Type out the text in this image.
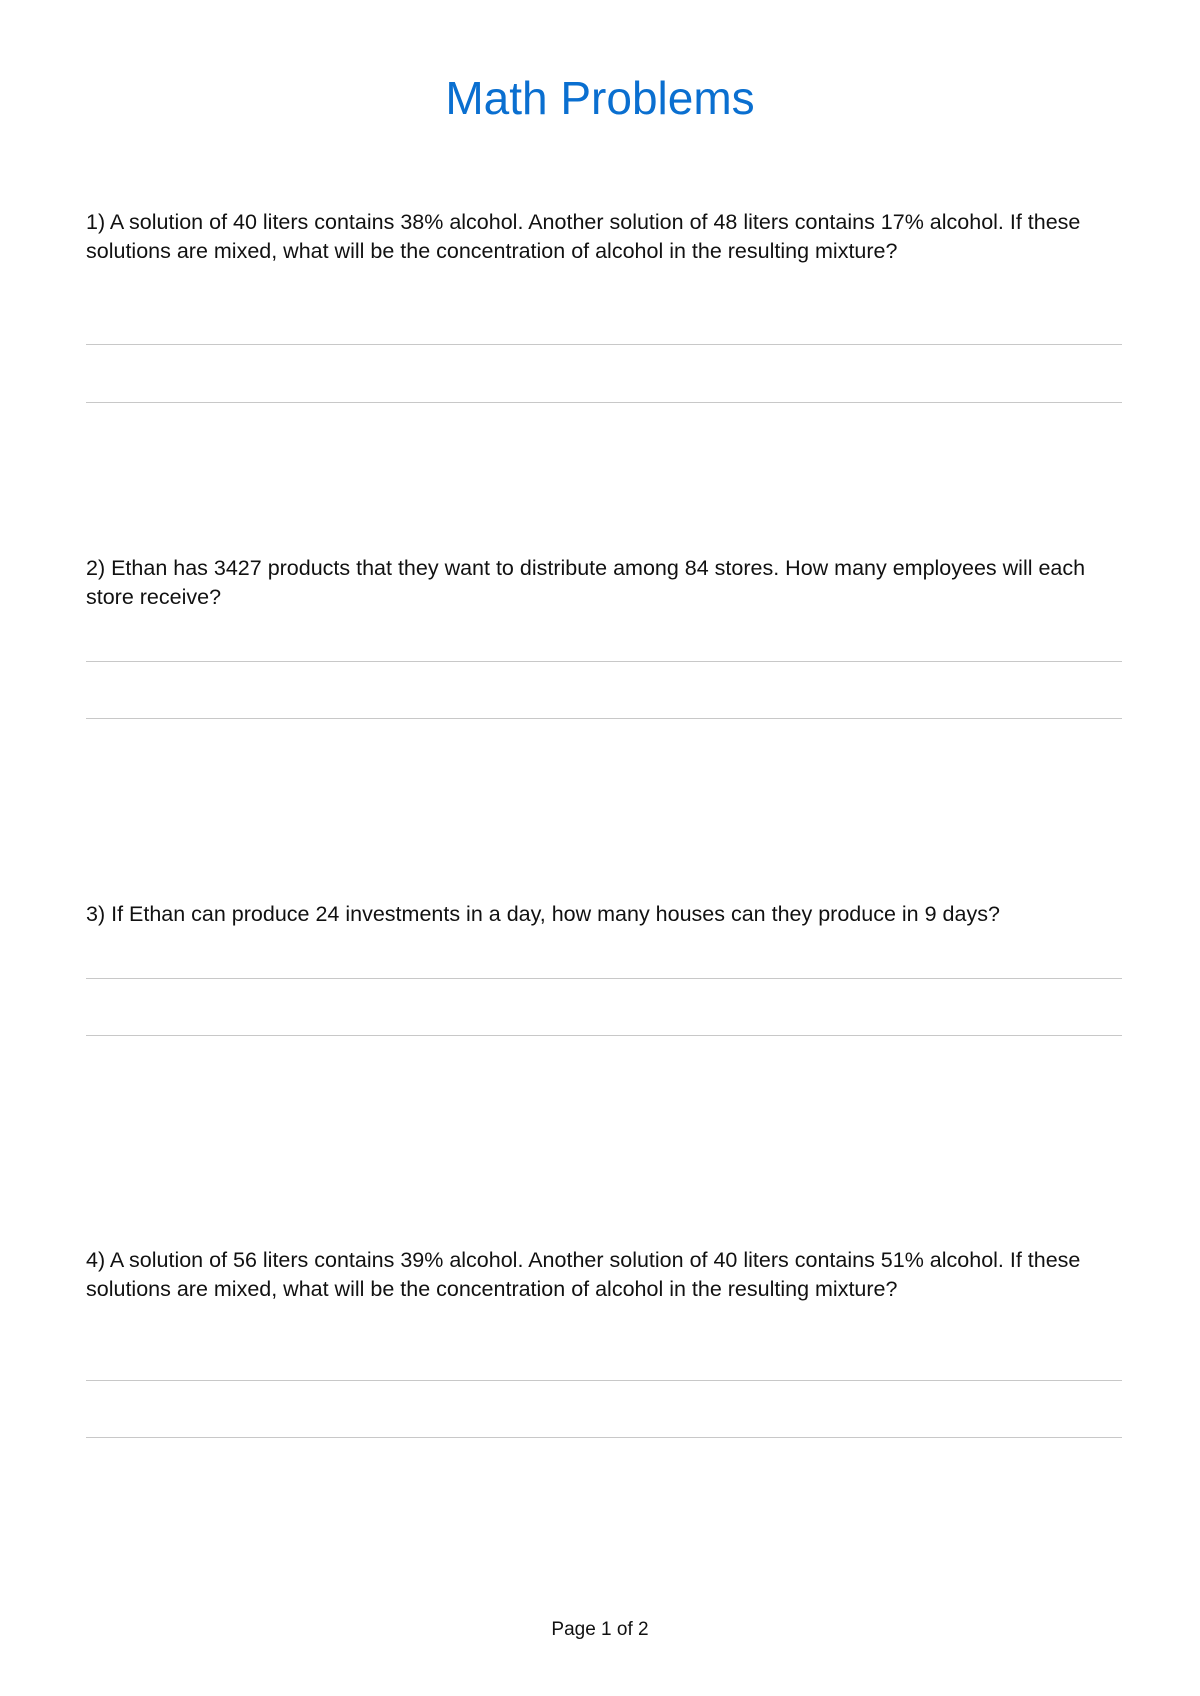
Math Problems

1) A solution of 40 liters contains 38% alcohol. Another solution of 48 liters contains 17% alcohol. If these solutions are mixed, what will be the concentration of alcohol in the resulting mixture?

2) Ethan has 3427 products that they want to distribute among 84 stores. How many employees will each store receive?

3) If Ethan can produce 24 investments in a day, how many houses can they produce in 9 days?

4) A solution of 56 liters contains 39% alcohol. Another solution of 40 liters contains 51% alcohol. If these solutions are mixed, what will be the concentration of alcohol in the resulting mixture?

Page 1 of 2
